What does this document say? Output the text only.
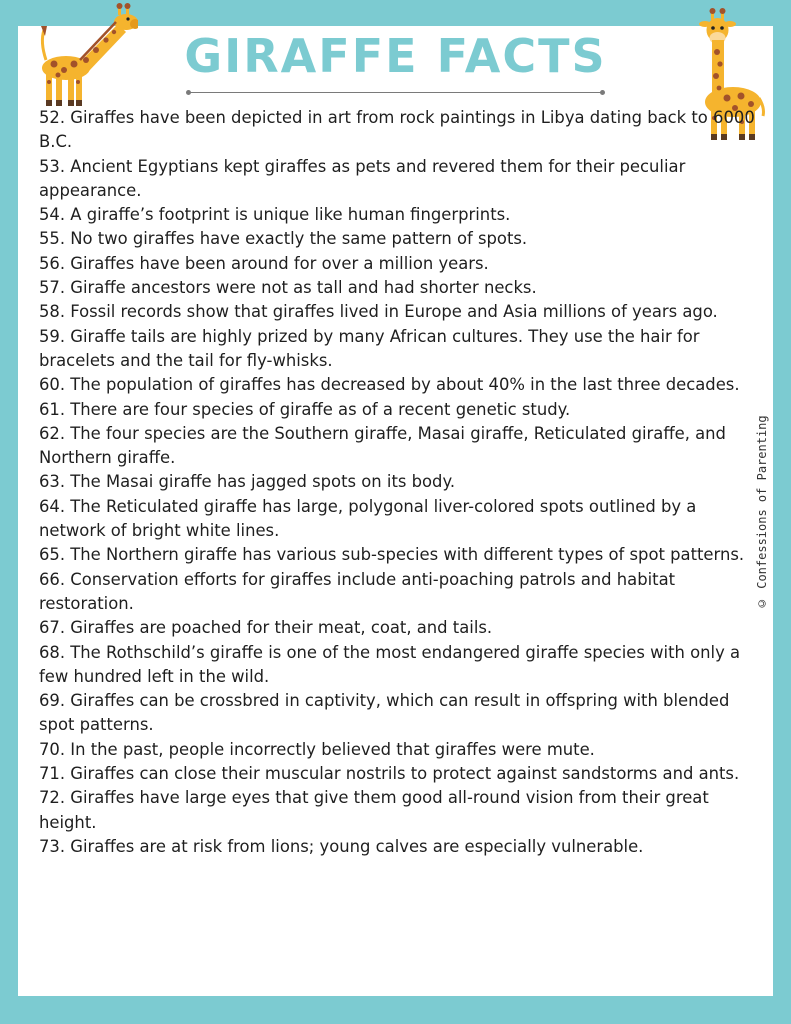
GIRAFFE FACTS
52. Giraffes have been depicted in art from rock paintings in Libya dating back to 6000 B.C.
53. Ancient Egyptians kept giraffes as pets and revered them for their peculiar appearance.
54. A giraffe’s footprint is unique like human fingerprints.
55. No two giraffes have exactly the same pattern of spots.
56. Giraffes have been around for over a million years.
57. Giraffe ancestors were not as tall and had shorter necks.
58. Fossil records show that giraffes lived in Europe and Asia millions of years ago.
59. Giraffe tails are highly prized by many African cultures. They use the hair for bracelets and the tail for fly-whisks.
60. The population of giraffes has decreased by about 40% in the last three decades.
61. There are four species of giraffe as of a recent genetic study.
62. The four species are the Southern giraffe, Masai giraffe, Reticulated giraffe, and Northern giraffe.
63. The Masai giraffe has jagged spots on its body.
64. The Reticulated giraffe has large, polygonal liver-colored spots outlined by a network of bright white lines.
65. The Northern giraffe has various sub-species with different types of spot patterns.
66. Conservation efforts for giraffes include anti-poaching patrols and habitat restoration.
67. Giraffes are poached for their meat, coat, and tails.
68. The Rothschild’s giraffe is one of the most endangered giraffe species with only a few hundred left in the wild.
69. Giraffes can be crossbred in captivity, which can result in offspring with blended spot patterns.
70. In the past, people incorrectly believed that giraffes were mute.
71. Giraffes can close their muscular nostrils to protect against sandstorms and ants.
72. Giraffes have large eyes that give them good all-round vision from their great height.
73. Giraffes are at risk from lions; young calves are especially vulnerable.
© Confessions of Parenting
